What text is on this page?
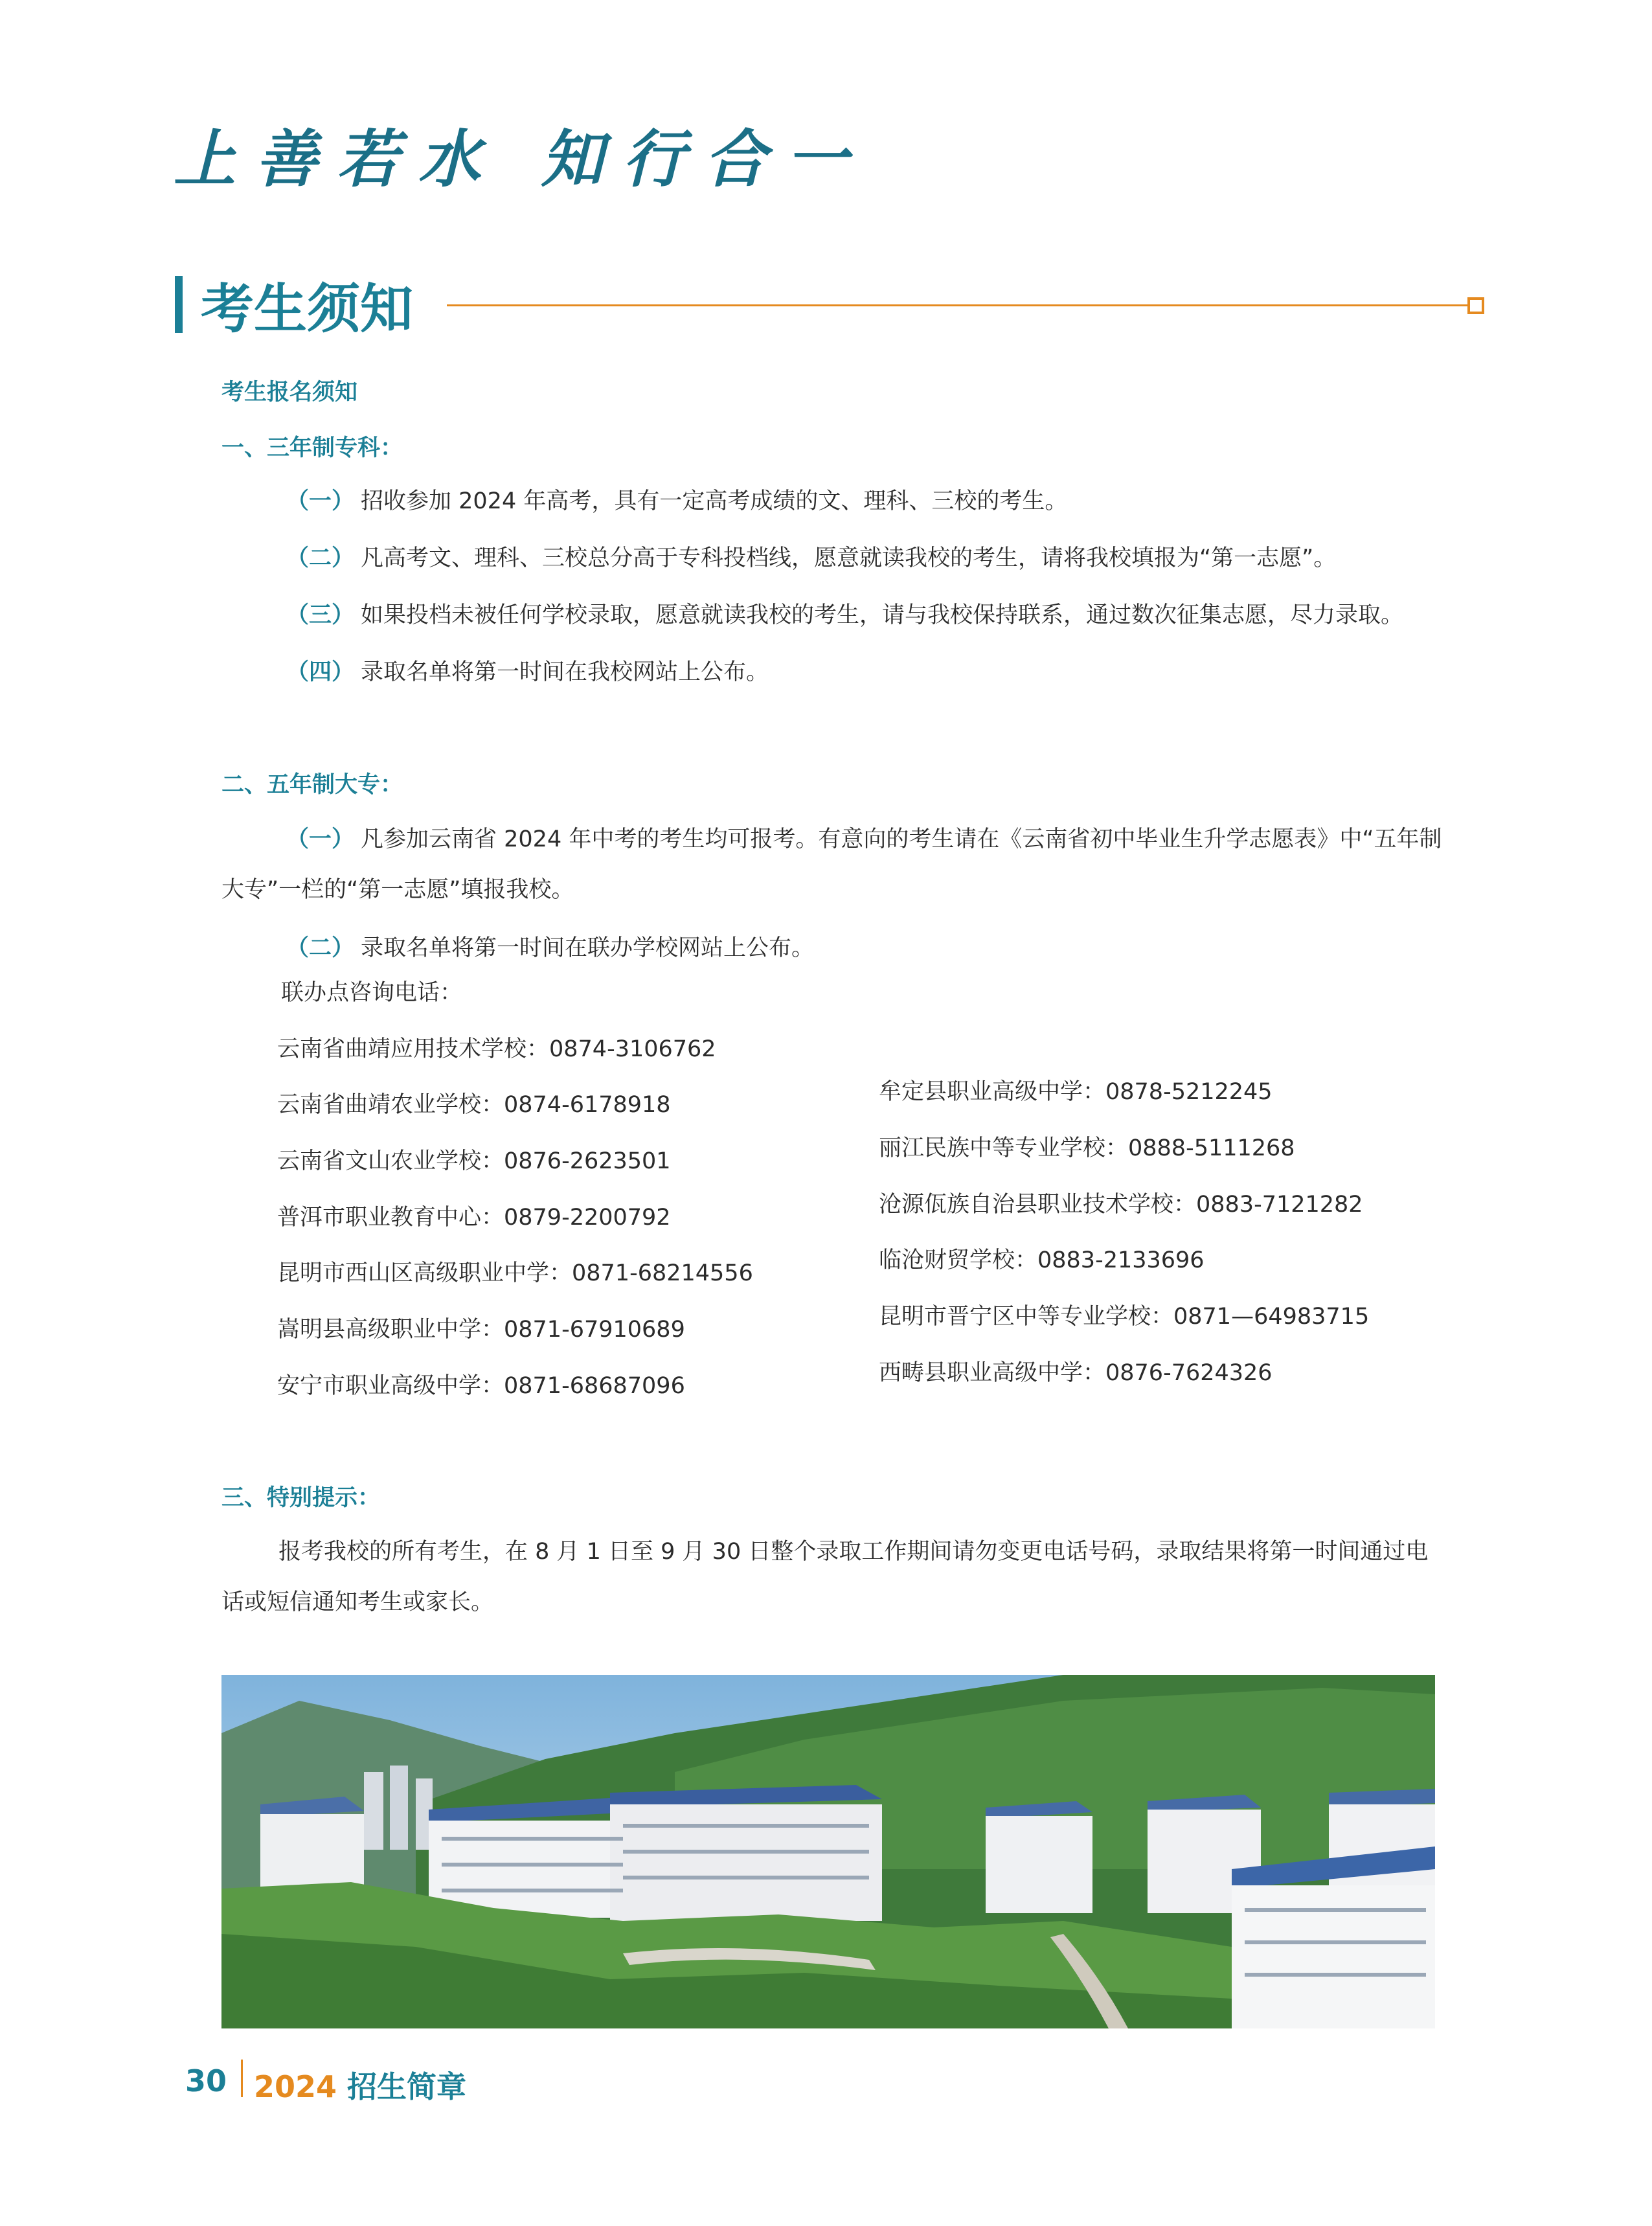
上善若水 知行合一

考生须知

考生报名须知

一、三年制专科：

（一） 招收参加 2024 年高考，具有一定高考成绩的文、理科、三校的考生。

（二） 凡高考文、理科、三校总分高于专科投档线，愿意就读我校的考生，请将我校填报为“第一志愿”。

（三） 如果投档未被任何学校录取，愿意就读我校的考生，请与我校保持联系，通过数次征集志愿，尽力录取。

（四） 录取名单将第一时间在我校网站上公布。

二、五年制大专：

（一） 凡参加云南省 2024 年中考的考生均可报考。有意向的考生请在《云南省初中毕业生升学志愿表》中“五年制大专”一栏的“第一志愿”填报我校。

（二） 录取名单将第一时间在联办学校网站上公布。

联办点咨询电话：

云南省曲靖应用技术学校：0874-3106762

云南省曲靖农业学校：0874-6178918

云南省文山农业学校：0876-2623501

普洱市职业教育中心：0879-2200792

昆明市西山区高级职业中学：0871-68214556

嵩明县高级职业中学：0871-67910689

安宁市职业高级中学：0871-68687096

牟定县职业高级中学：0878-5212245

丽江民族中等专业学校：0888-5111268

沧源佤族自治县职业技术学校：0883-7121282

临沧财贸学校：0883-2133696

昆明市晋宁区中等专业学校：0871—64983715

西畴县职业高级中学：0876-7624326

三、特别提示：

报考我校的所有考生，在 8 月 1 日至 9 月 30 日整个录取工作期间请勿变更电话号码，录取结果将第一时间通过电话或短信通知考生或家长。

30 2024 招生简章
